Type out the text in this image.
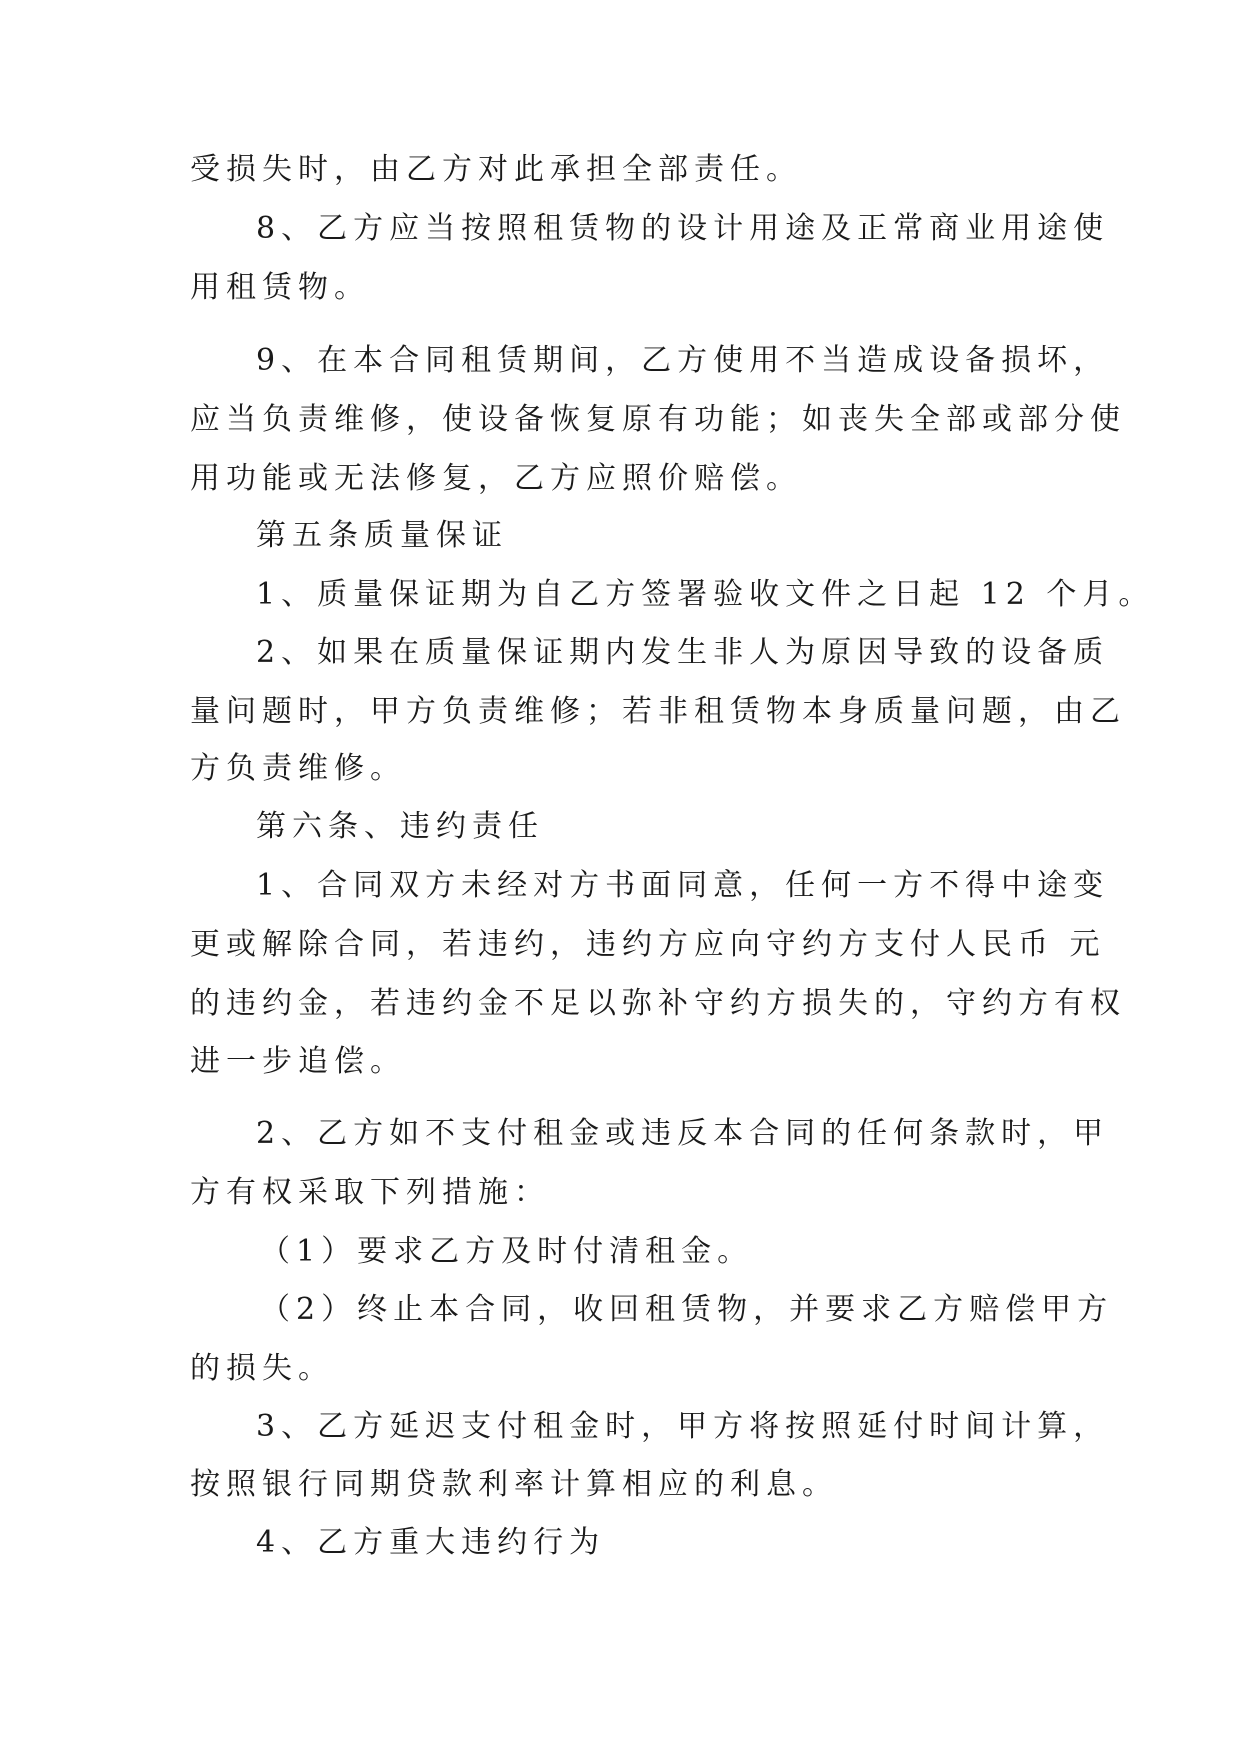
受损失时，由乙方对此承担全部责任。

8、乙方应当按照租赁物的设计用途及正常商业用途使

用租赁物。

9、在本合同租赁期间，乙方使用不当造成设备损坏，

应当负责维修，使设备恢复原有功能；如丧失全部或部分使

用功能或无法修复，乙方应照价赔偿。

第五条质量保证

1、质量保证期为自乙方签署验收文件之日起 12 个月。

2、如果在质量保证期内发生非人为原因导致的设备质

量问题时，甲方负责维修；若非租赁物本身质量问题，由乙

方负责维修。

第六条、违约责任

1、合同双方未经对方书面同意，任何一方不得中途变

更或解除合同，若违约，违约方应向守约方支付人民币 元

的违约金，若违约金不足以弥补守约方损失的，守约方有权

进一步追偿。

2、乙方如不支付租金或违反本合同的任何条款时，甲

方有权采取下列措施：

（1）要求乙方及时付清租金。

（2）终止本合同，收回租赁物，并要求乙方赔偿甲方

的损失。

3、乙方延迟支付租金时，甲方将按照延付时间计算，

按照银行同期贷款利率计算相应的利息。

4、乙方重大违约行为
